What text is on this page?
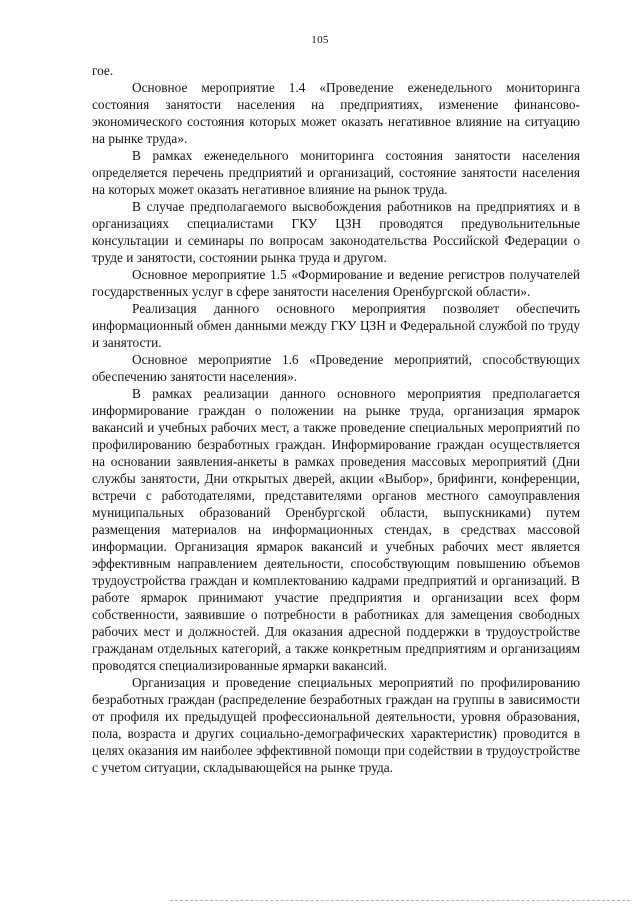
105

гое.

Основное мероприятие 1.4 «Проведение еженедельного мониторинга состояния занятости населения на предприятиях, изменение финансово-экономического состояния которых может оказать негативное влияние на ситуацию на рынке труда».

В рамках еженедельного мониторинга состояния занятости населения определяется перечень предприятий и организаций, состояние занятости населения на которых может оказать негативное влияние на рынок труда.

В случае предполагаемого высвобождения работников на предприятиях и в организациях специалистами ГКУ ЦЗН проводятся предувольнительные консультации и семинары по вопросам законодательства Российской Федерации о труде и занятости, состоянии рынка труда и другом.

Основное мероприятие 1.5 «Формирование и ведение регистров получателей государственных услуг в сфере занятости населения Оренбургской области».

Реализация данного основного мероприятия позволяет обеспечить информационный обмен данными между ГКУ ЦЗН и Федеральной службой по труду и занятости.

Основное мероприятие 1.6 «Проведение мероприятий, способствующих обеспечению занятости населения».

В рамках реализации данного основного мероприятия предполагается информирование граждан о положении на рынке труда, организация ярмарок вакансий и учебных рабочих мест, а также проведение специальных мероприятий по профилированию безработных граждан. Информирование граждан осуществляется на основании заявления-анкеты в рамках проведения массовых мероприятий (Дни службы занятости, Дни открытых дверей, акции «Выбор», брифинги, конференции, встречи с работодателями, представителями органов местного самоуправления муниципальных образований Оренбургской области, выпускниками) путем размещения материалов на информационных стендах, в средствах массовой информации. Организация ярмарок вакансий и учебных рабочих мест является эффективным направлением деятельности, способствующим повышению объемов трудоустройства граждан и комплектованию кадрами предприятий и организаций. В работе ярмарок принимают участие предприятия и организации всех форм собственности, заявившие о потребности в работниках для замещения свободных рабочих мест и должностей. Для оказания адресной поддержки в трудоустройстве гражданам отдельных категорий, а также конкретным предприятиям и организациям проводятся специализированные ярмарки вакансий.

Организация и проведение специальных мероприятий по профилированию безработных граждан (распределение безработных граждан на группы в зависимости от профиля их предыдущей профессиональной деятельности, уровня образования, пола, возраста и других социально-демографических характеристик) проводится в целях оказания им наиболее эффективной помощи при содействии в трудоустройстве с учетом ситуации, складывающейся на рынке труда.
